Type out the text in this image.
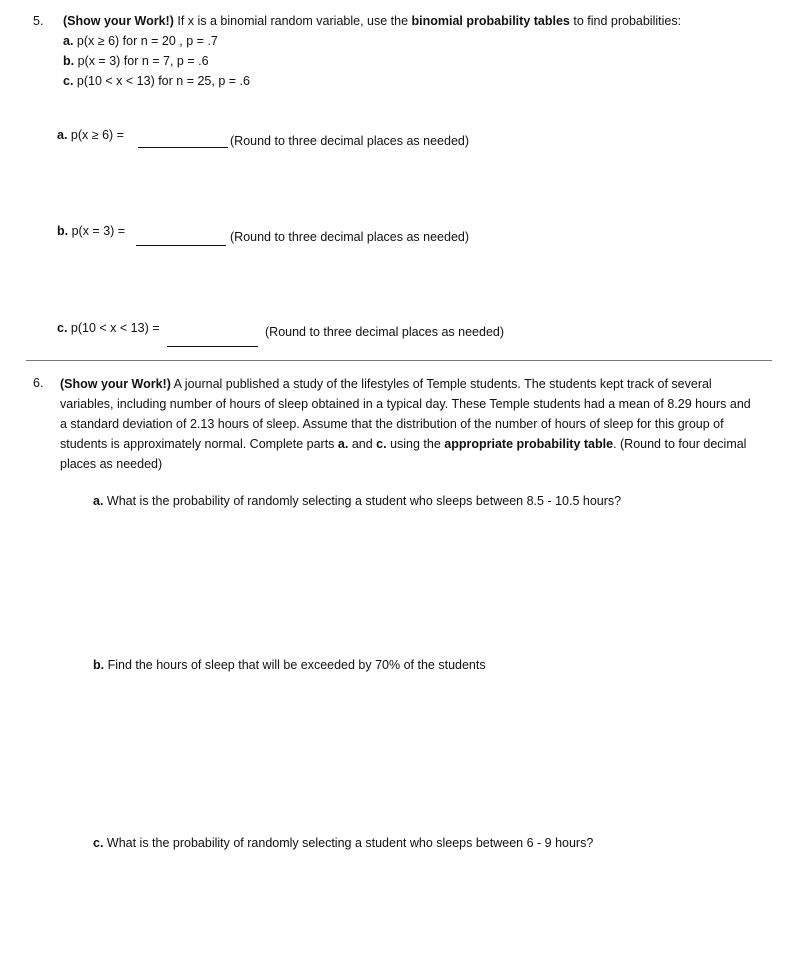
5. (Show your Work!) If x is a binomial random variable, use the binomial probability tables to find probabilities:
a. p(x ≥ 6) for n = 20 , p = .7
b. p(x = 3) for n = 7, p = .6
c. p(10 < x < 13) for n = 25, p = .6
a. p(x ≥ 6) =	(Round to three decimal places as needed)
b. p(x = 3) =	(Round to three decimal places as needed)
c. p(10 < x < 13) =	(Round to three decimal places as needed)
6. (Show your Work!) A journal published a study of the lifestyles of Temple students. The students kept track of several variables, including number of hours of sleep obtained in a typical day. These Temple students had a mean of 8.29 hours and a standard deviation of 2.13 hours of sleep. Assume that the distribution of the number of hours of sleep for this group of students is approximately normal. Complete parts a. and c. using the appropriate probability table. (Round to four decimal places as needed)
a. What is the probability of randomly selecting a student who sleeps between 8.5 - 10.5 hours?
b. Find the hours of sleep that will be exceeded by 70% of the students
c. What is the probability of randomly selecting a student who sleeps between 6 - 9 hours?
